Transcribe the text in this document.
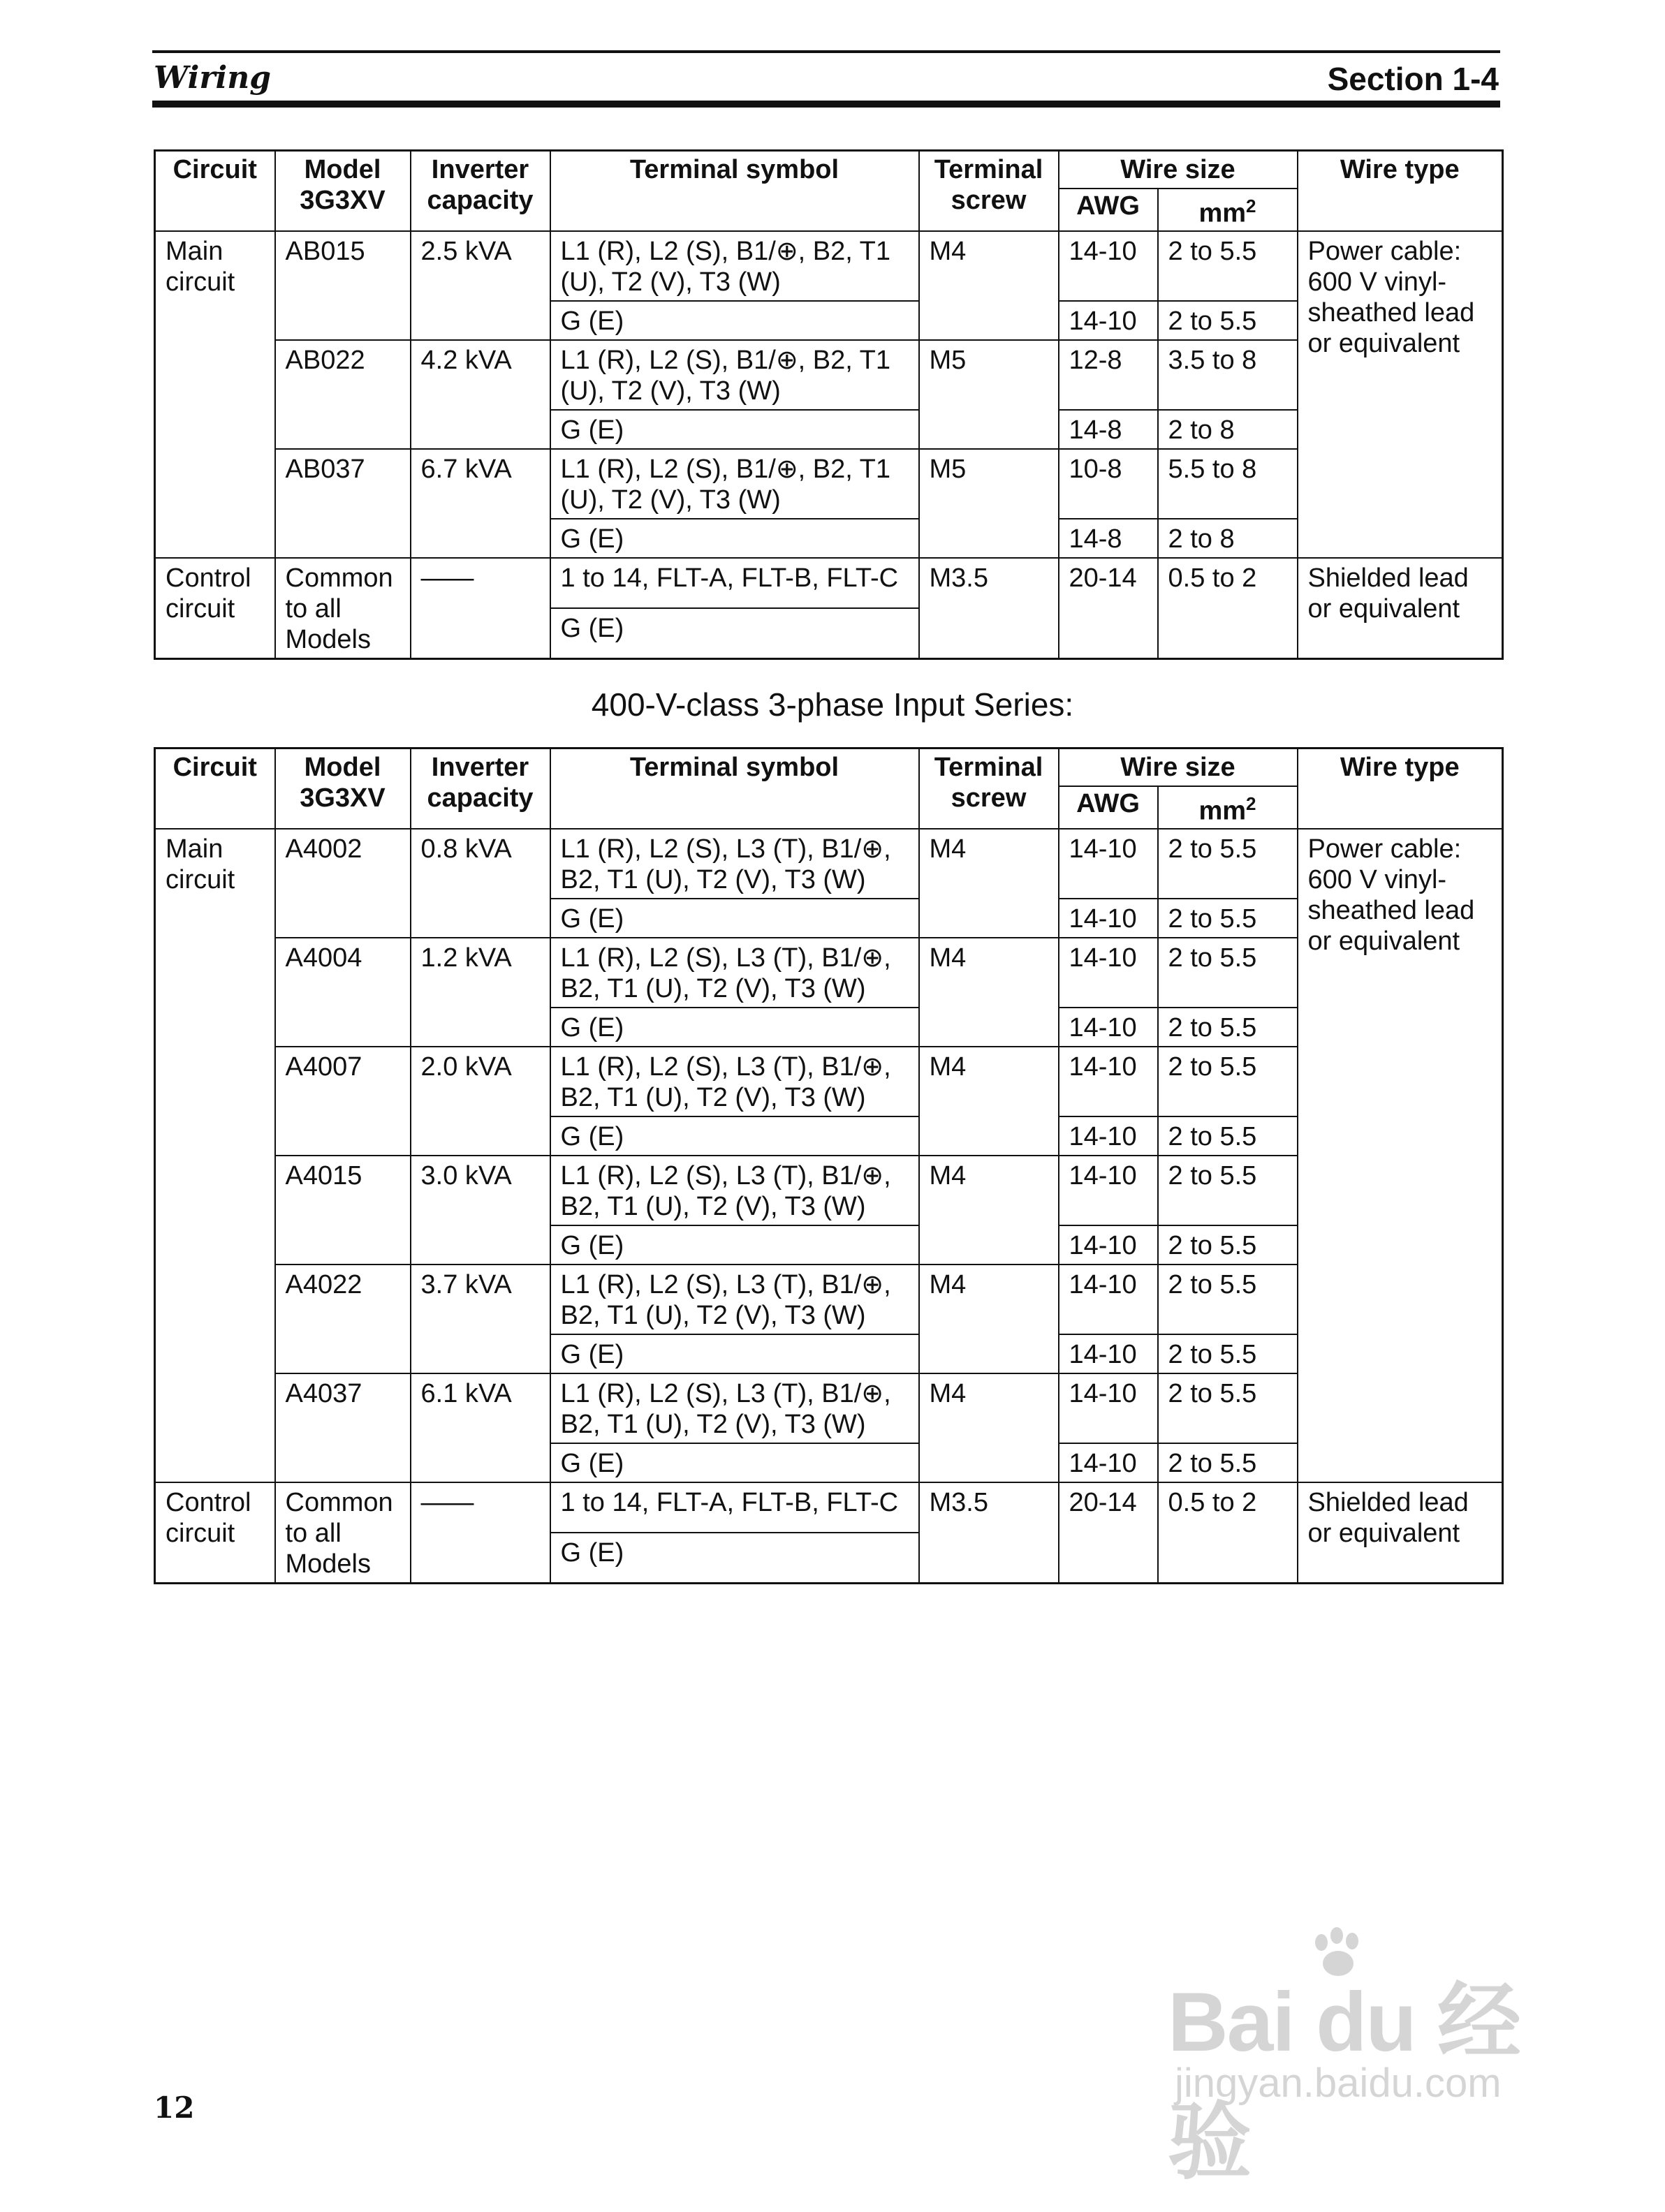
Wiring	Section 1-4
Circuit	Model 3G3XV	Inverter capacity	Terminal symbol	Terminal screw	Wire size		Wire type
					AWG	$mm^2$
Main circuit	AB015	2.5 kVA	L1 (R), L2 (S), B1/⊕, B2, T1 (U), T2 (V), T3 (W)	M4	14-10	2 to 5.5	Power cable: 600 V vinyl-sheathed lead or equivalent
			G (E)		14-10	2 to 5.5	
	AB022	4.2 kVA	L1 (R), L2 (S), B1/⊕, B2, T1 (U), T2 (V), T3 (W)	M5	12-8	3.5 to 8	
			G (E)		14-8	2 to 8	
	AB037	6.7 kVA	L1 (R), L2 (S), B1/⊕, B2, T1 (U), T2 (V), T3 (W)	M5	10-8	5.5 to 8	
			G (E)		14-8	2 to 8	
Control circuit	Common to all Models	——	1 to 14, FLT-A, FLT-B, FLT-C	M3.5	20-14	0.5 to 2	Shielded lead or equivalent
			G (E)				
400-V-class 3-phase Input Series:
Circuit	Model 3G3XV	Inverter capacity	Terminal symbol	Terminal screw	Wire size		Wire type
					AWG	$mm^2$
Main circuit	A4002	0.8 kVA	L1 (R), L2 (S), L3 (T), B1/⊕, B2, T1 (U), T2 (V), T3 (W)	M4	14-10	2 to 5.5	Power cable: 600 V vinyl-sheathed lead or equivalent
			G (E)		14-10	2 to 5.5	
	A4004	1.2 kVA	L1 (R), L2 (S), L3 (T), B1/⊕, B2, T1 (U), T2 (V), T3 (W)	M4	14-10	2 to 5.5	
			G (E)		14-10	2 to 5.5	
	A4007	2.0 kVA	L1 (R), L2 (S), L3 (T), B1/⊕, B2, T1 (U), T2 (V), T3 (W)	M4	14-10	2 to 5.5	
			G (E)		14-10	2 to 5.5	
	A4015	3.0 kVA	L1 (R), L2 (S), L3 (T), B1/⊕, B2, T1 (U), T2 (V), T3 (W)	M4	14-10	2 to 5.5	
			G (E)		14-10	2 to 5.5	
	A4022	3.7 kVA	L1 (R), L2 (S), L3 (T), B1/⊕, B2, T1 (U), T2 (V), T3 (W)	M4	14-10	2 to 5.5	
			G (E)		14-10	2 to 5.5	
	A4037	6.1 kVA	L1 (R), L2 (S), L3 (T), B1/⊕, B2, T1 (U), T2 (V), T3 (W)	M4	14-10	2 to 5.5	
			G (E)		14-10	2 to 5.5	
Control circuit	Common to all Models	——	1 to 14, FLT-A, FLT-B, FLT-C	M3.5	20-14	0.5 to 2	Shielded lead or equivalent
			G (E)				
12
Bai du 经验
jingyan.baidu.com
